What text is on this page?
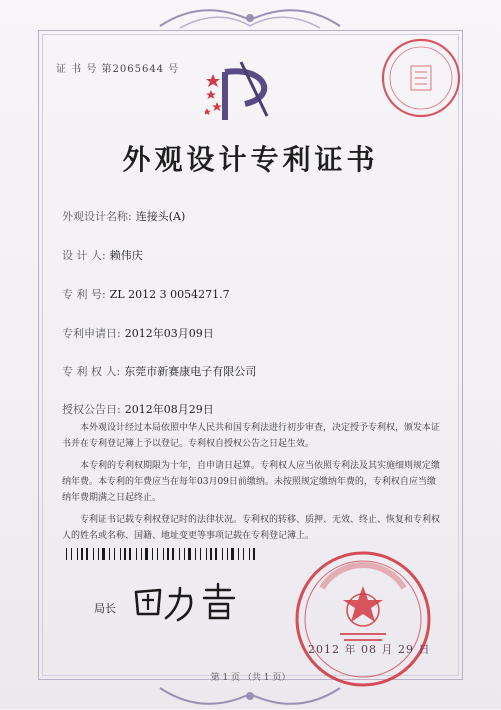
证 书 号 第2065644 号
外观设计专利证书
外观设计名称: 连接头(A)
设 计 人: 赖伟庆
专 利 号: ZL 2012 3 0054271.7
专利申请日: 2012年03月09日
专 利 权 人: 东莞市新赛康电子有限公司
授权公告日: 2012年08月29日

本外观设计经过本局依照中华人民共和国专利法进行初步审查，决定授予专利权，颁发本证书并在专利登记簿上予以登记。专利权自授权公告之日起生效。

本专利的专利权期限为十年，自申请日起算。专利权人应当依照专利法及其实施细则规定缴纳年费。本专利的年费应当在每年03月09日前缴纳。未按照规定缴纳年费的，专利权自应当缴纳年费期满之日起终止。

专利证书记载专利权登记时的法律状况。专利权的转移、质押、无效、终止、恢复和专利权人的姓名或名称、国籍、地址变更等事项记载在专利登记簿上。

局长
2012 年 08 月 29 日
第 1 页 （共 1 页）
